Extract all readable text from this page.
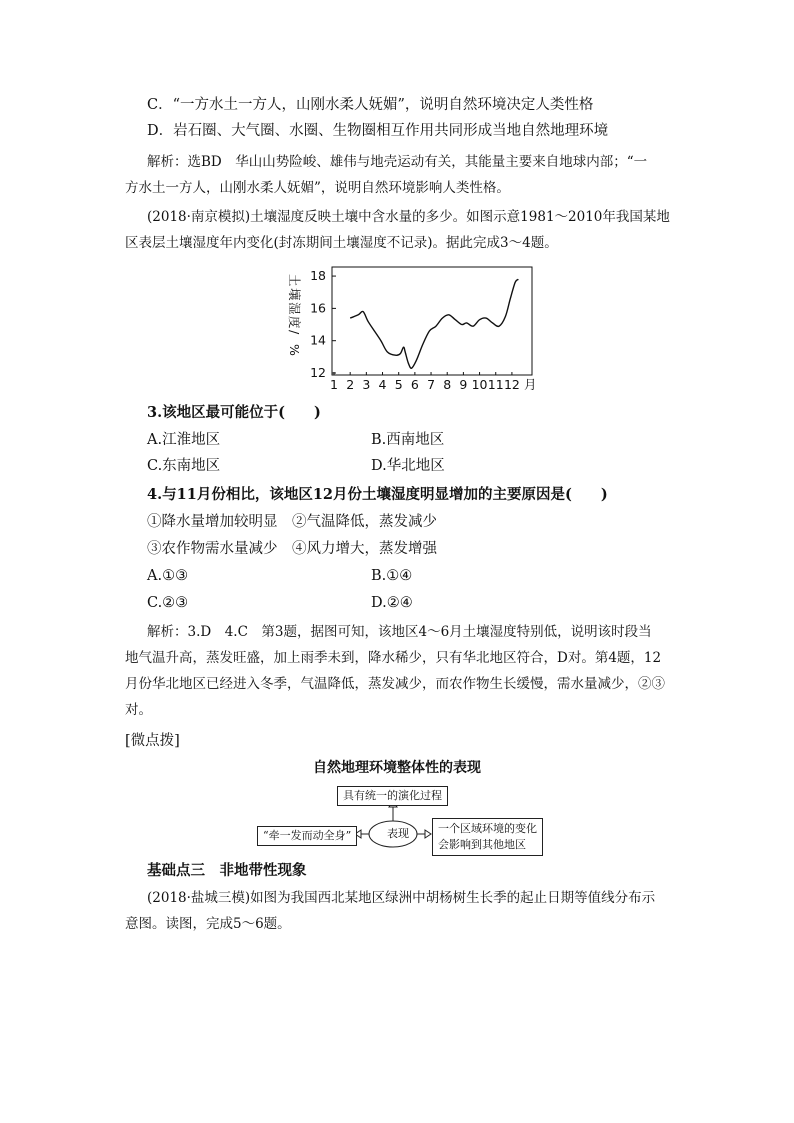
C．“一方水土一方人，山刚水柔人妩媚”，说明自然环境决定人类性格
D．岩石圈、大气圈、水圈、生物圈相互作用共同形成当地自然地理环境
解析：选BD　华山山势险峻、雄伟与地壳运动有关，其能量主要来自地球内部；“一
方水土一方人，山刚水柔人妩媚”，说明自然环境影响人类性格。
(2018·南京模拟)土壤湿度反映土壤中含水量的多少。如图示意1981～2010年我国某地
区表层土壤湿度年内变化(封冻期间土壤湿度不记录)。据此完成3～4题。
土
壤
湿
度
/
%
12
14
16
18
1 2 3 4 5 6 7 8 9 10 11 12 月
3.该地区最可能位于(　　)
A.江淮地区	B.西南地区
C.东南地区	D.华北地区
4.与11月份相比，该地区12月份土壤湿度明显增加的主要原因是(　　)
①降水量增加较明显　②气温降低，蒸发减少
③农作物需水量减少　④风力增大，蒸发增强
A.①③	B.①④
C.②③	D.②④
解析：3.D　4.C　第3题，据图可知，该地区4～6月土壤湿度特别低，说明该时段当
地气温升高，蒸发旺盛，加上雨季未到，降水稀少，只有华北地区符合，D对。第4题，12
月份华北地区已经进入冬季，气温降低，蒸发减少，而农作物生长缓慢，需水量减少，②③
对。
[微点拨]
自然地理环境整体性的表现
具有统一的演化过程
“牵一发而动全身”	表现	一个区域环境的变化
会影响到其他地区
基础点三　非地带性现象
(2018·盐城三模)如图为我国西北某地区绿洲中胡杨树生长季的起止日期等值线分布示
意图。读图，完成5～6题。
